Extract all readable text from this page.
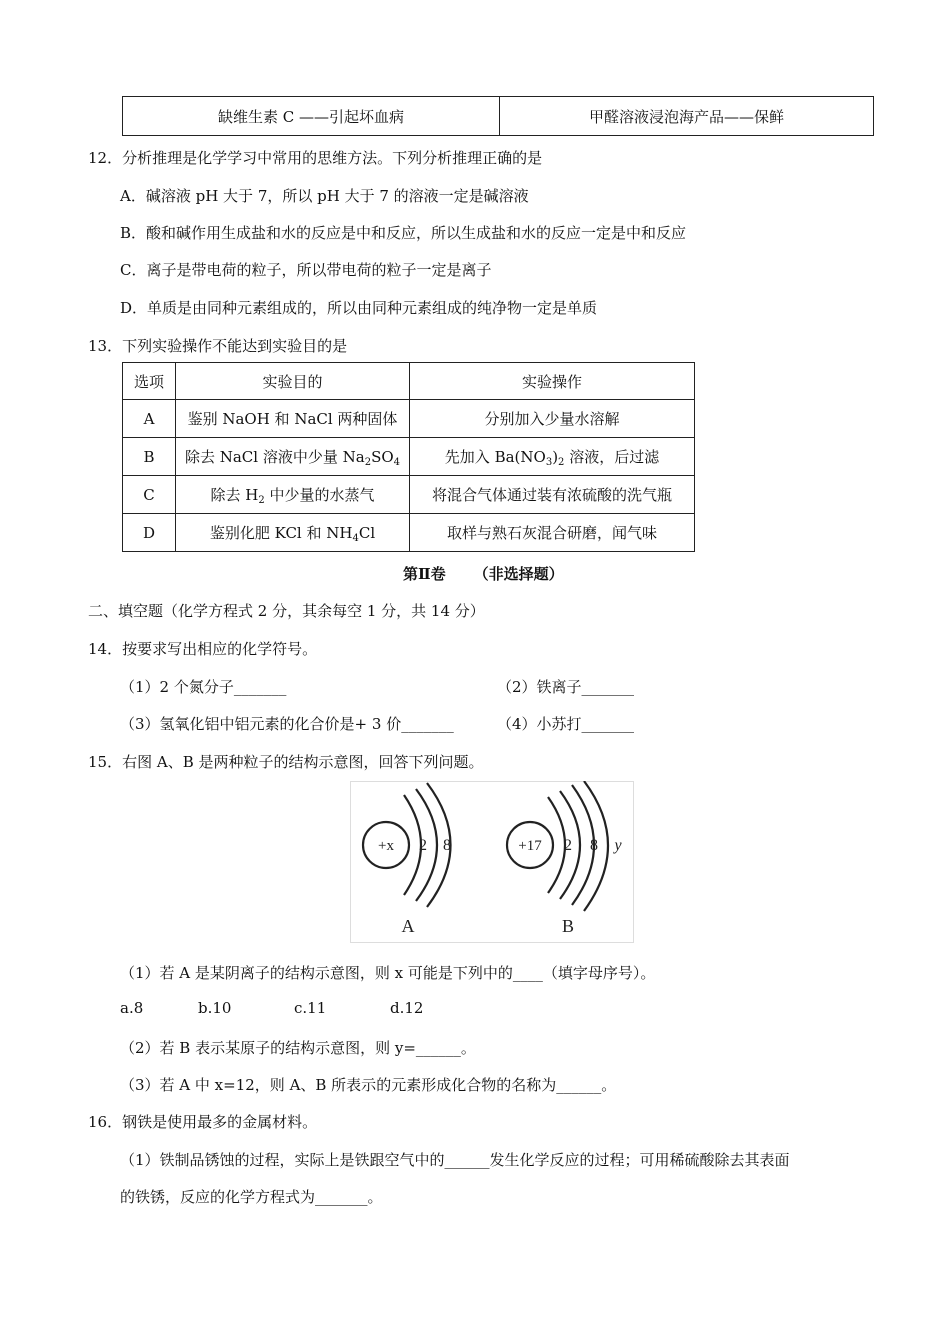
缺维生素 C ——引起坏血病	甲醛溶液浸泡海产品——保鲜
12．分析推理是化学学习中常用的思维方法。下列分析推理正确的是
A．碱溶液 pH 大于 7，所以 pH 大于 7 的溶液一定是碱溶液
B．酸和碱作用生成盐和水的反应是中和反应，所以生成盐和水的反应一定是中和反应
C．离子是带电荷的粒子，所以带电荷的粒子一定是离子
D．单质是由同种元素组成的，所以由同种元素组成的纯净物一定是单质
13．下列实验操作不能达到实验目的是
选项	实验目的	实验操作
A	鉴别 NaOH 和 NaCl 两种固体	分别加入少量水溶解
B	除去 NaCl 溶液中少量 $Na_2SO_4$	先加入 $Ba(NO_3)_2$ 溶液，后过滤
C	除去 $H_2$ 中少量的水蒸气	将混合气体通过装有浓硫酸的洗气瓶
D	鉴别化肥 KCl 和 $NH_4Cl$	取样与熟石灰混合研磨，闻气味
第Ⅱ卷 （非选择题）
二、填空题（化学方程式 2 分，其余每空 1 分，共 14 分）
14．按要求写出相应的化学符号。
（1）2 个氮分子_______	（2）铁离子_______
（3）氢氧化铝中铝元素的化合价是+ 3 价_______	（4）小苏打_______
15．右图 A、B 是两种粒子的结构示意图，回答下列问题。
+x 2 8
A
+17 2 8 y
B
（1）若 A 是某阴离子的结构示意图，则 x 可能是下列中的____（填字母序号）。
a.8	b.10	c.11	d.12
（2）若 B 表示某原子的结构示意图，则 y=______。
（3）若 A 中 x=12，则 A、B 所表示的元素形成化合物的名称为______。
16．钢铁是使用最多的金属材料。
（1）铁制品锈蚀的过程，实际上是铁跟空气中的______发生化学反应的过程；可用稀硫酸除去其表面
的铁锈，反应的化学方程式为_______。
